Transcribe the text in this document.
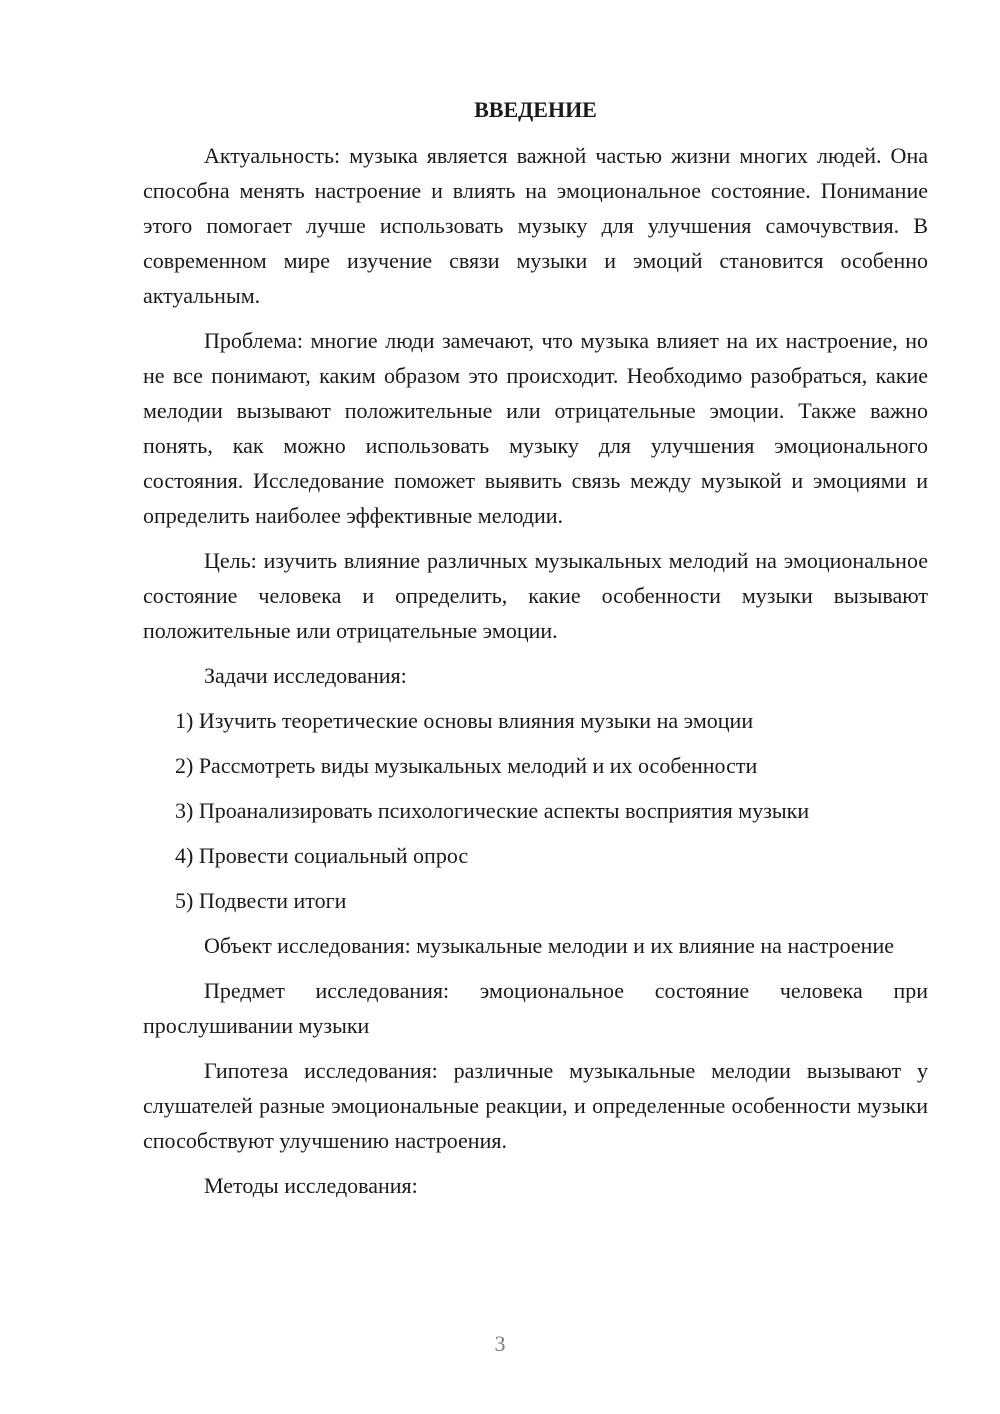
ВВЕДЕНИЕ

Актуальность: музыка является важной частью жизни многих людей. Она способна менять настроение и влиять на эмоциональное состояние. Понимание этого помогает лучше использовать музыку для улучшения самочувствия. В современном мире изучение связи музыки и эмоций становится особенно актуальным.

Проблема: многие люди замечают, что музыка влияет на их настроение, но не все понимают, каким образом это происходит. Необходимо разобраться, какие мелодии вызывают положительные или отрицательные эмоции. Также важно понять, как можно использовать музыку для улучшения эмоционального состояния. Исследование поможет выявить связь между музыкой и эмоциями и определить наиболее эффективные мелодии.

Цель: изучить влияние различных музыкальных мелодий на эмоциональное состояние человека и определить, какие особенности музыки вызывают положительные или отрицательные эмоции.

Задачи исследования:

1) Изучить теоретические основы влияния музыки на эмоции
2) Рассмотреть виды музыкальных мелодий и их особенности
3) Проанализировать психологические аспекты восприятия музыки
4) Провести социальный опрос
5) Подвести итоги

Объект исследования: музыкальные мелодии и их влияние на настроение

Предмет исследования: эмоциональное состояние человека при прослушивании музыки

Гипотеза исследования: различные музыкальные мелодии вызывают у слушателей разные эмоциональные реакции, и определенные особенности музыки способствуют улучшению настроения.

Методы исследования:

3
